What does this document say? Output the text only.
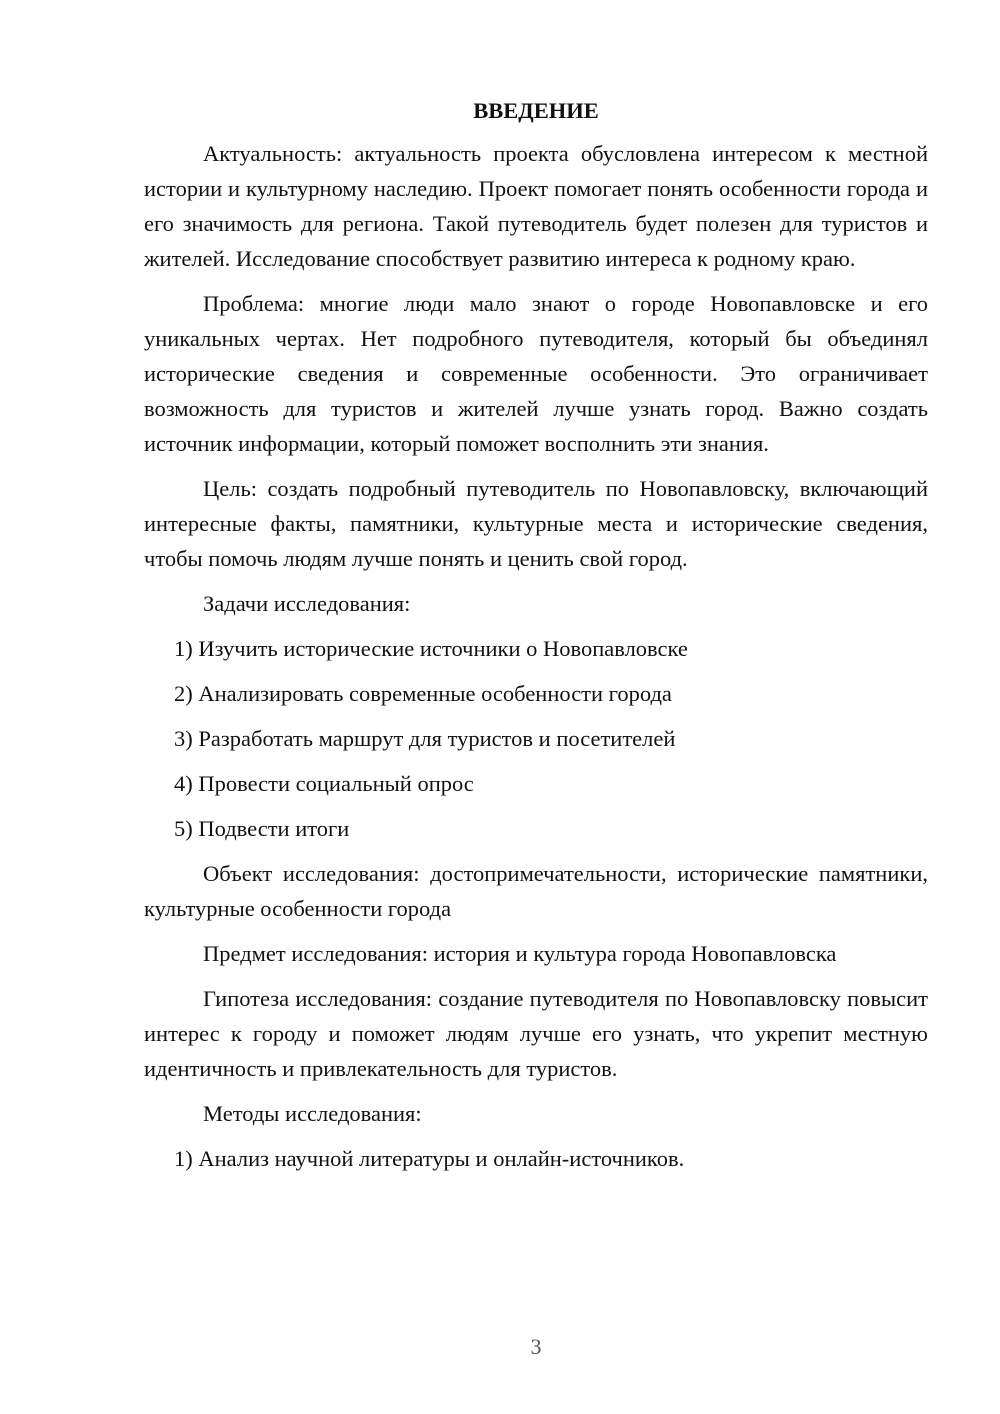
ВВЕДЕНИЕ
Актуальность: актуальность проекта обусловлена интересом к местной истории и культурному наследию. Проект помогает понять особенности города и его значимость для региона. Такой путеводитель будет полезен для туристов и жителей. Исследование способствует развитию интереса к родному краю.
Проблема: многие люди мало знают о городе Новопавловске и его уникальных чертах. Нет подробного путеводителя, который бы объединял исторические сведения и современные особенности. Это ограничивает возможность для туристов и жителей лучше узнать город. Важно создать источник информации, который поможет восполнить эти знания.
Цель: создать подробный путеводитель по Новопавловску, включающий интересные факты, памятники, культурные места и исторические сведения, чтобы помочь людям лучше понять и ценить свой город.
Задачи исследования:
1) Изучить исторические источники о Новопавловске
2) Анализировать современные особенности города
3) Разработать маршрут для туристов и посетителей
4) Провести социальный опрос
5) Подвести итоги
Объект исследования: достопримечательности, исторические памятники, культурные особенности города
Предмет исследования: история и культура города Новопавловска
Гипотеза исследования: создание путеводителя по Новопавловску повысит интерес к городу и поможет людям лучше его узнать, что укрепит местную идентичность и привлекательность для туристов.
Методы исследования:
1) Анализ научной литературы и онлайн-источников.
3
